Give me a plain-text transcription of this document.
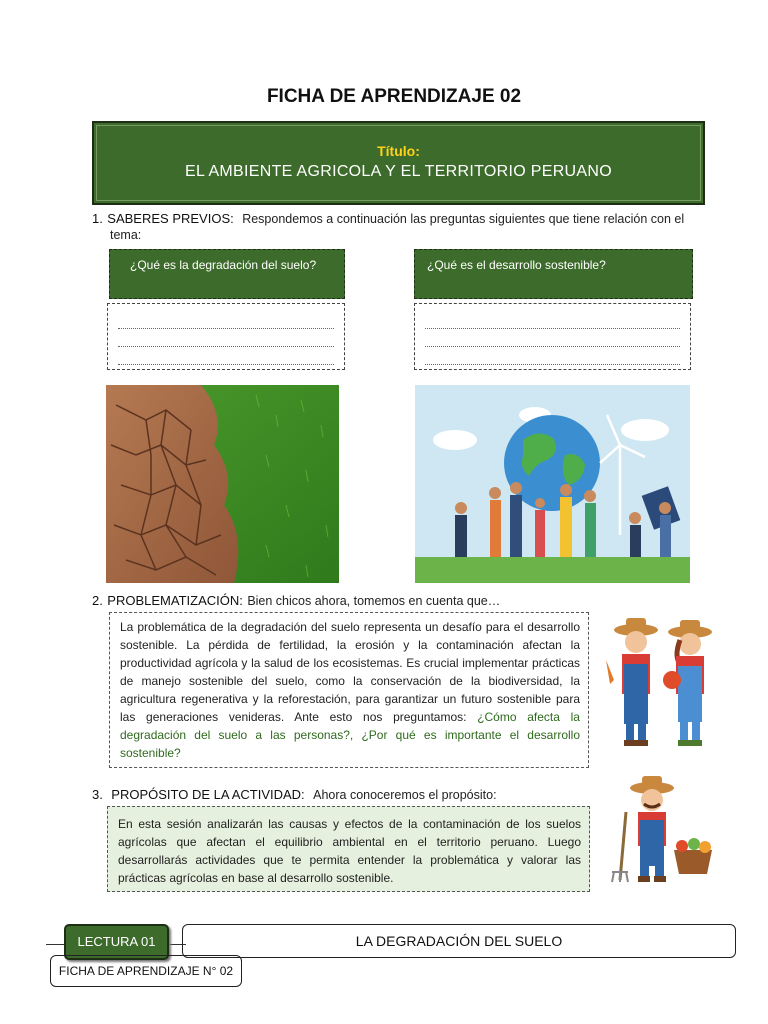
FICHA DE APRENDIZAJE 02
Título:
EL AMBIENTE AGRICOLA Y EL TERRITORIO PERUANO
1. SABERES PREVIOS: Respondemos a continuación las preguntas siguientes que tiene relación con el
tema:
¿Qué es la degradación del suelo?	¿Qué es el desarrollo sostenible?
2. PROBLEMATIZACIÓN: Bien chicos ahora, tomemos en cuenta que…
La problemática de la degradación del suelo representa un desafío para el desarrollo sostenible. La pérdida de fertilidad, la erosión y la contaminación afectan la productividad agrícola y la salud de los ecosistemas. Es crucial implementar prácticas de manejo sostenible del suelo, como la conservación de la biodiversidad, la agricultura regenerativa y la reforestación, para garantizar un futuro sostenible para las generaciones venideras. Ante esto nos preguntamos: ¿Cómo afecta la degradación del suelo a las personas?, ¿Por qué es importante el desarrollo sostenible?
3. PROPÓSITO DE LA ACTIVIDAD: Ahora conoceremos el propósito:
En esta sesión analizarán las causas y efectos de la contaminación de los suelos agrícolas que afectan el equilibrio ambiental en el territorio peruano. Luego desarrollarás actividades que te permita entender la problemática y valorar las prácticas agrícolas en base al desarrollo sostenible.
LECTURA 01	LA DEGRADACIÓN DEL SUELO
FICHA DE APRENDIZAJE N° 02
